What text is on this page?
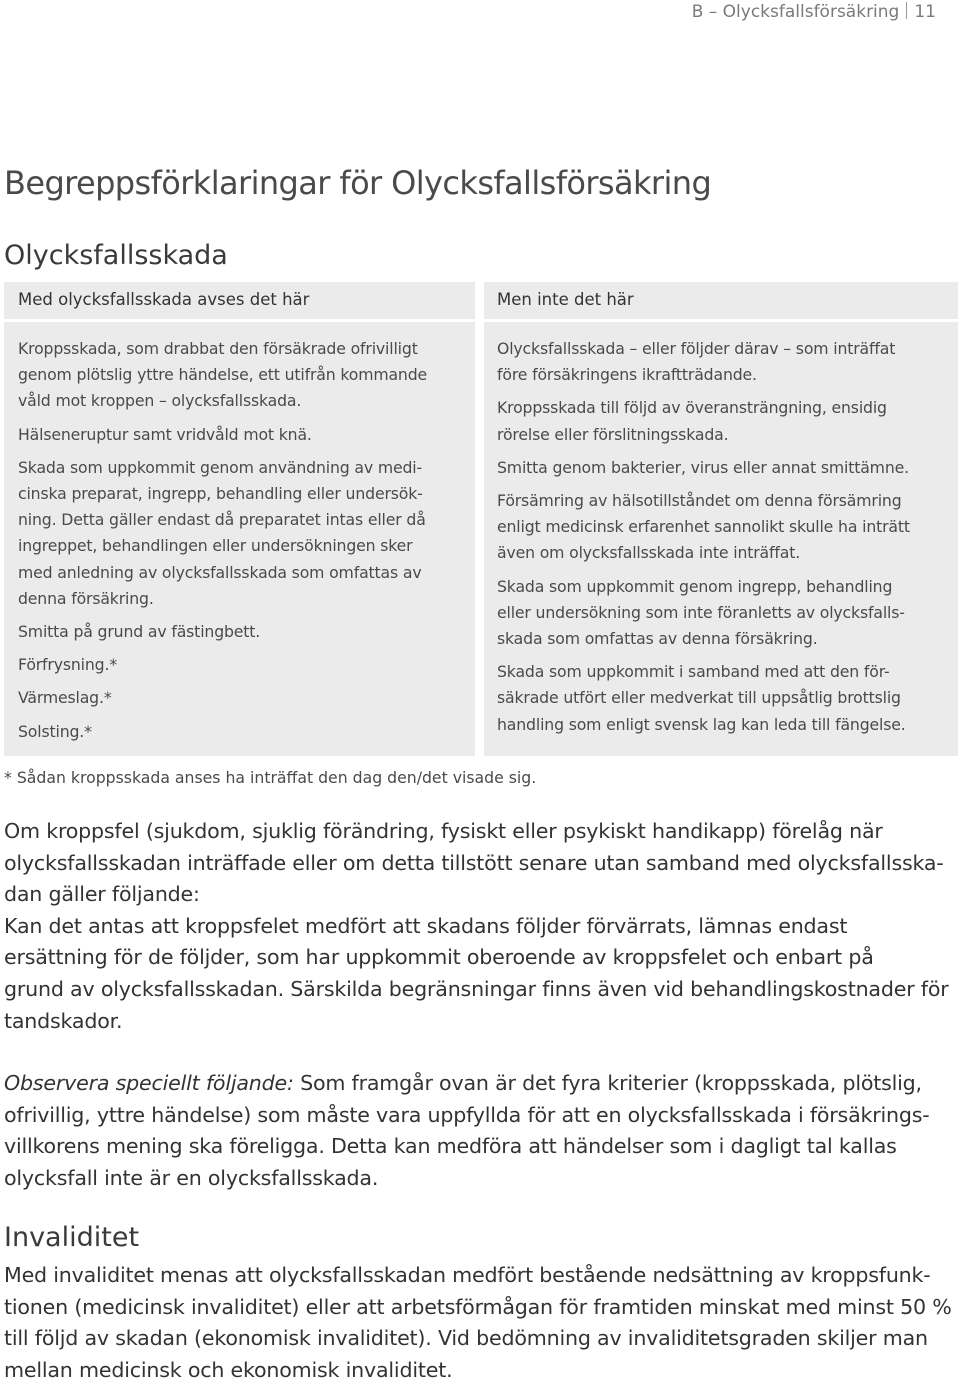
B – Olycksfallsförsäkring 11
Begreppsförklaringar för Olycksfallsförsäkring
Olycksfallsskada
Med olycksfallsskada avses det här

Kroppsskada, som drabbat den försäkrade ofrivilligt
genom plötslig yttre händelse, ett utifrån kommande
våld mot kroppen – olycksfallsskada.

Hälseneruptur samt vridvåld mot knä.

Skada som uppkommit genom användning av medi-
cinska preparat, ingrepp, behandling eller undersök-
ning. Detta gäller endast då preparatet intas eller då
ingreppet, behandlingen eller undersökningen sker
med anledning av olycksfallsskada som omfattas av
denna försäkring.

Smitta på grund av fästingbett.

Förfrysning.*

Värmeslag.*

Solsting.*

Men inte det här

Olycksfallsskada – eller följder därav – som inträffat
före försäkringens ikraftträdande.

Kroppsskada till följd av överansträngning, ensidig
rörelse eller förslitningsskada.

Smitta genom bakterier, virus eller annat smittämne.

Försämring av hälsotillståndet om denna försämring
enligt medicinsk erfarenhet sannolikt skulle ha inträtt
även om olycksfallsskada inte inträffat.

Skada som uppkommit genom ingrepp, behandling
eller undersökning som inte föranletts av olycksfalls-
skada som omfattas av denna försäkring.

Skada som uppkommit i samband med att den för-
säkrade utfört eller medverkat till uppsåtlig brottslig
handling som enligt svensk lag kan leda till fängelse.

* Sådan kroppsskada anses ha inträffat den dag den/det visade sig.

Om kroppsfel (sjukdom, sjuklig förändring, fysiskt eller psykiskt handikapp) förelåg när
olycksfallsskadan inträffade eller om detta tillstött senare utan samband med olycksfallsska-
dan gäller följande:
Kan det antas att kroppsfelet medfört att skadans följder förvärrats, lämnas endast
ersättning för de följder, som har uppkommit oberoende av kroppsfelet och enbart på
grund av olycksfallsskadan. Särskilda begränsningar finns även vid behandlingskostnader för
tandskador.

Observera speciellt följande: Som framgår ovan är det fyra kriterier (kroppsskada, plötslig,
ofrivillig, yttre händelse) som måste vara uppfyllda för att en olycksfallsskada i försäkrings-
villkorens mening ska föreligga. Detta kan medföra att händelser som i dagligt tal kallas
olycksfall inte är en olycksfallsskada.

Invaliditet

Med invaliditet menas att olycksfallsskadan medfört bestående nedsättning av kroppsfunk-
tionen (medicinsk invaliditet) eller att arbetsförmågan för framtiden minskat med minst 50 %
till följd av skadan (ekonomisk invaliditet). Vid bedömning av invaliditetsgraden skiljer man
mellan medicinsk och ekonomisk invaliditet.
